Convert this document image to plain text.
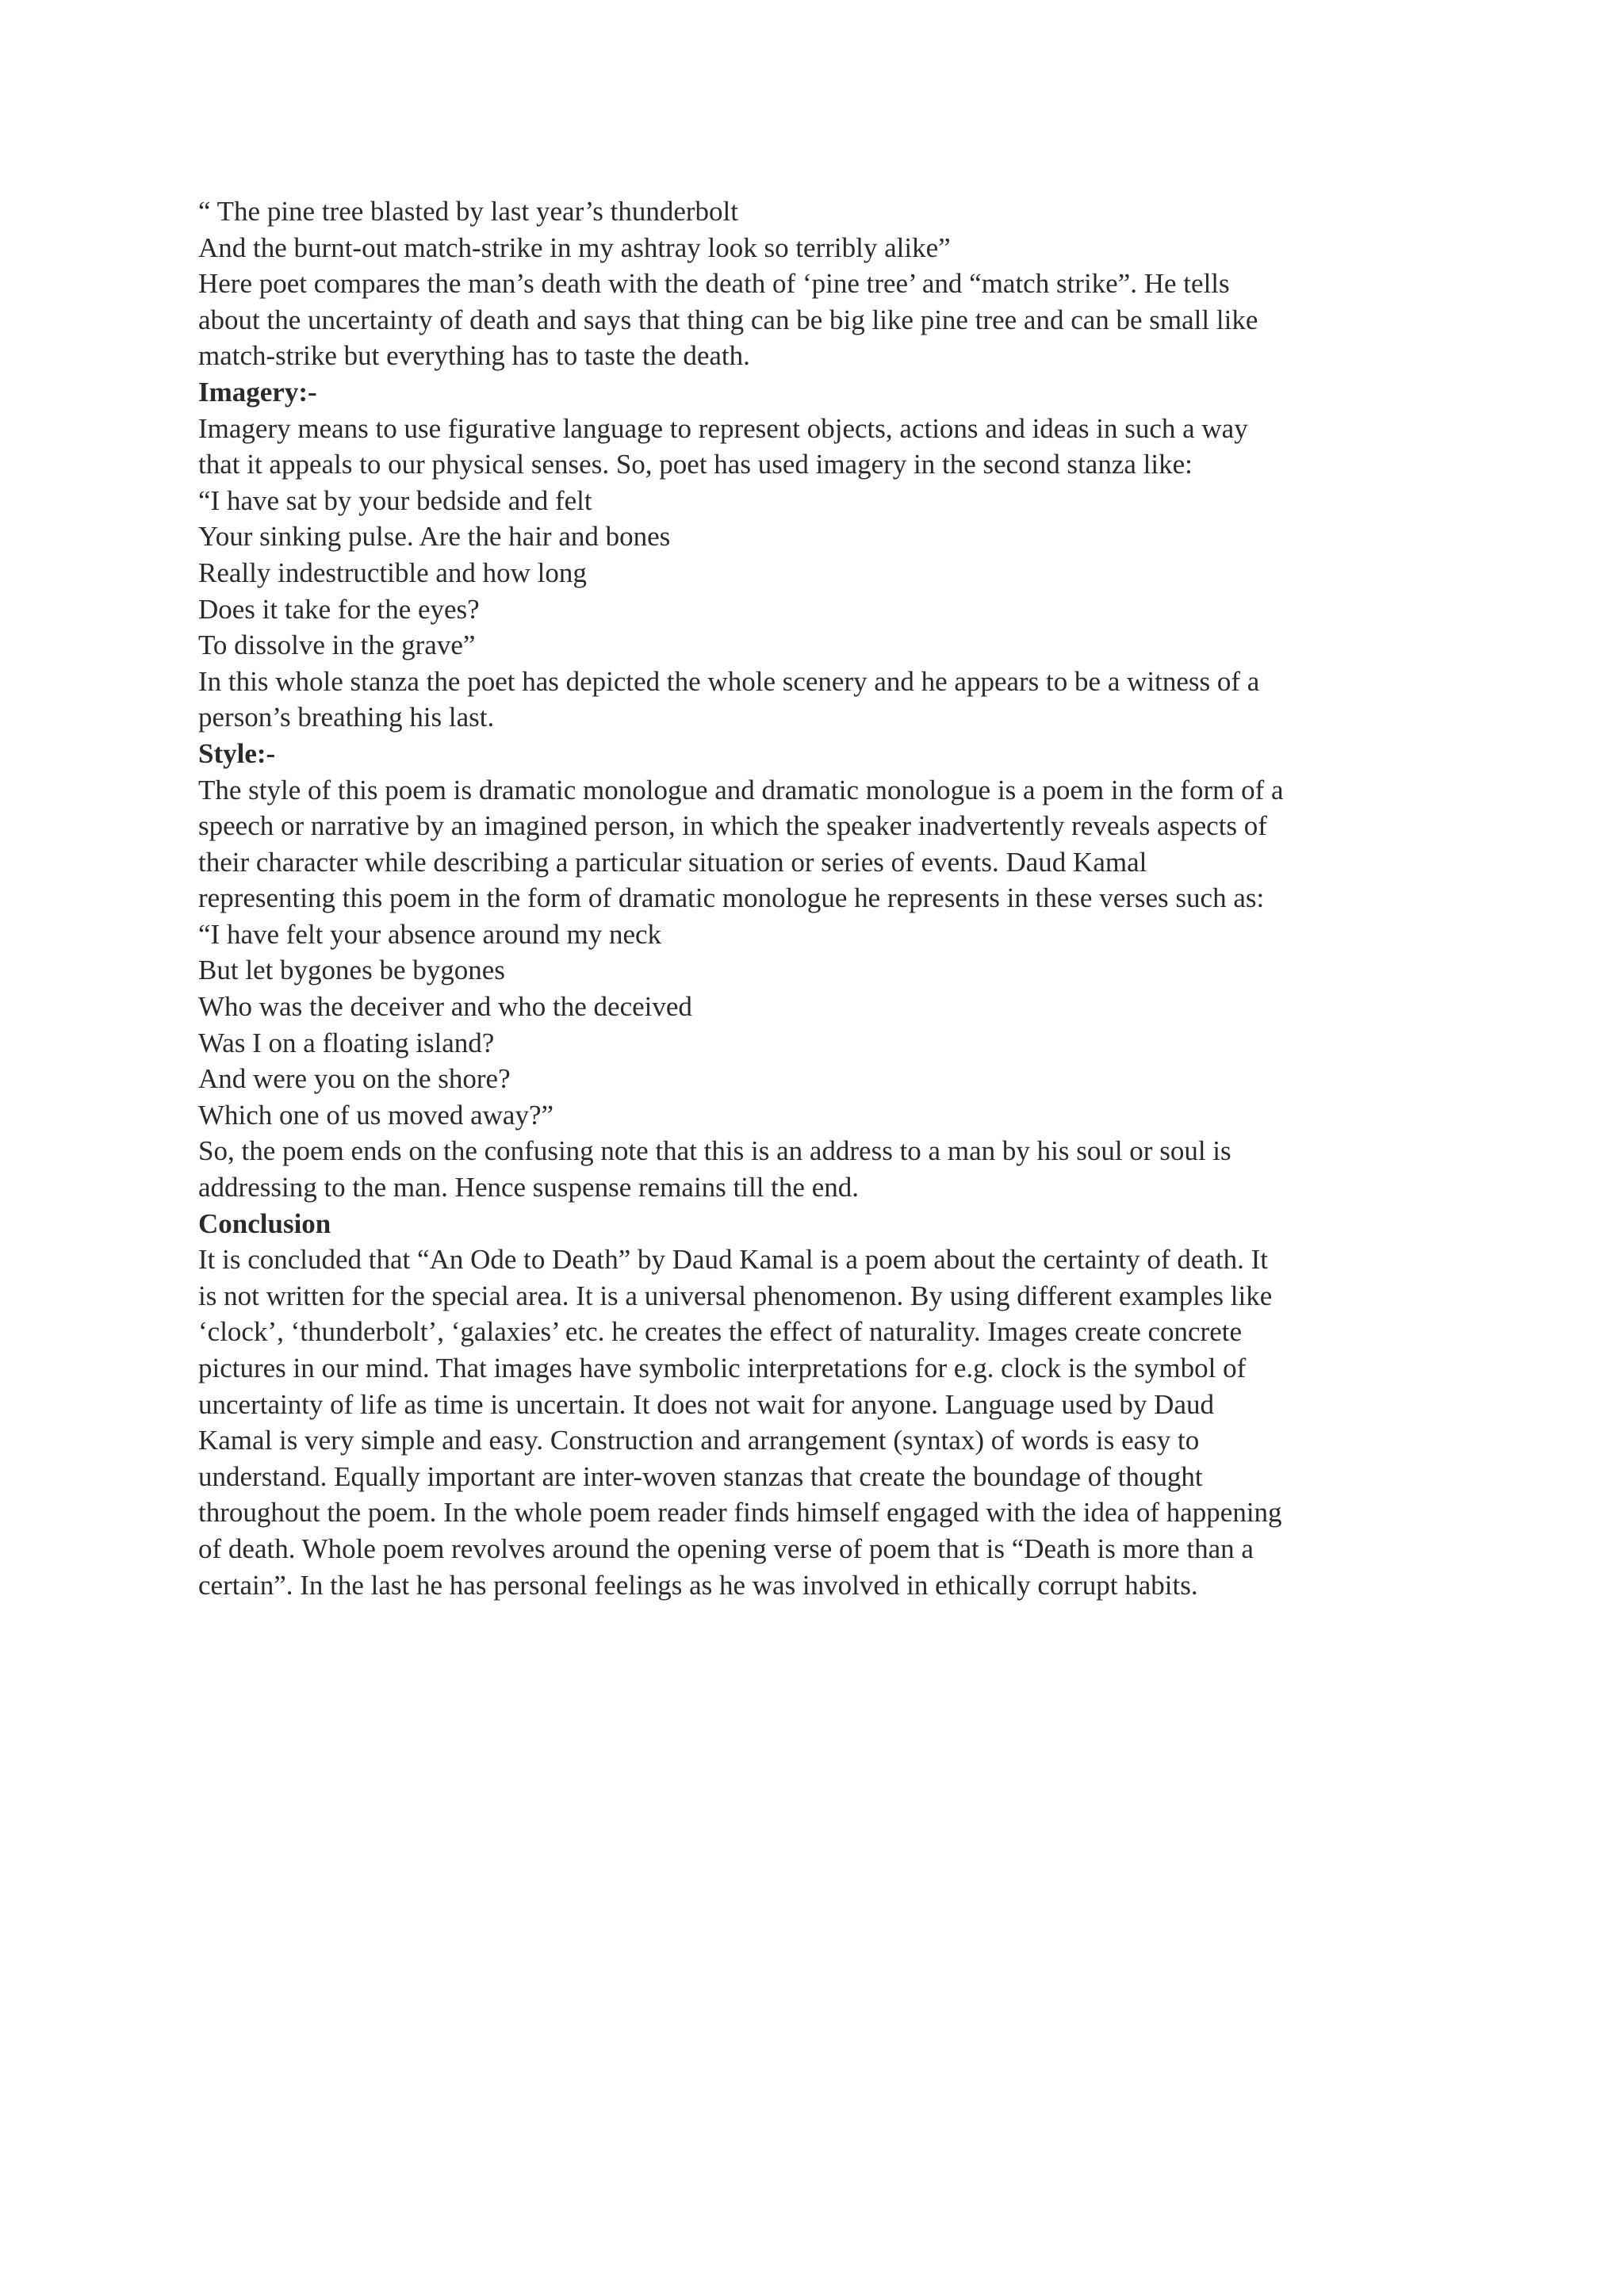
“ The pine tree blasted by last year’s thunderbolt
And the burnt-out match-strike in my ashtray look so terribly alike”
Here poet compares the man’s death with the death of ‘pine tree’ and “match strike”. He tells
about the uncertainty of death and says that thing can be big like pine tree and can be small like
match-strike but everything has to taste the death.
Imagery:-
Imagery means to use figurative language to represent objects, actions and ideas in such a way
that it appeals to our physical senses. So, poet has used imagery in the second stanza like:
“I have sat by your bedside and felt
Your sinking pulse. Are the hair and bones
Really indestructible and how long
Does it take for the eyes?
To dissolve in the grave”
In this whole stanza the poet has depicted the whole scenery and he appears to be a witness of a
person’s breathing his last.
Style:-
The style of this poem is dramatic monologue and dramatic monologue is a poem in the form of a
speech or narrative by an imagined person, in which the speaker inadvertently reveals aspects of
their character while describing a particular situation or series of events. Daud Kamal
representing this poem in the form of dramatic monologue he represents in these verses such as:
“I have felt your absence around my neck
But let bygones be bygones
Who was the deceiver and who the deceived
Was I on a floating island?
And were you on the shore?
Which one of us moved away?”
So, the poem ends on the confusing note that this is an address to a man by his soul or soul is
addressing to the man. Hence suspense remains till the end.
Conclusion
It is concluded that “An Ode to Death” by Daud Kamal is a poem about the certainty of death. It
is not written for the special area. It is a universal phenomenon. By using different examples like
‘clock’, ‘thunderbolt’, ‘galaxies’ etc. he creates the effect of naturality. Images create concrete
pictures in our mind. That images have symbolic interpretations for e.g. clock is the symbol of
uncertainty of life as time is uncertain. It does not wait for anyone. Language used by Daud
Kamal is very simple and easy. Construction and arrangement (syntax) of words is easy to
understand. Equally important are inter-woven stanzas that create the boundage of thought
throughout the poem. In the whole poem reader finds himself engaged with the idea of happening
of death. Whole poem revolves around the opening verse of poem that is “Death is more than a
certain”. In the last he has personal feelings as he was involved in ethically corrupt habits.
